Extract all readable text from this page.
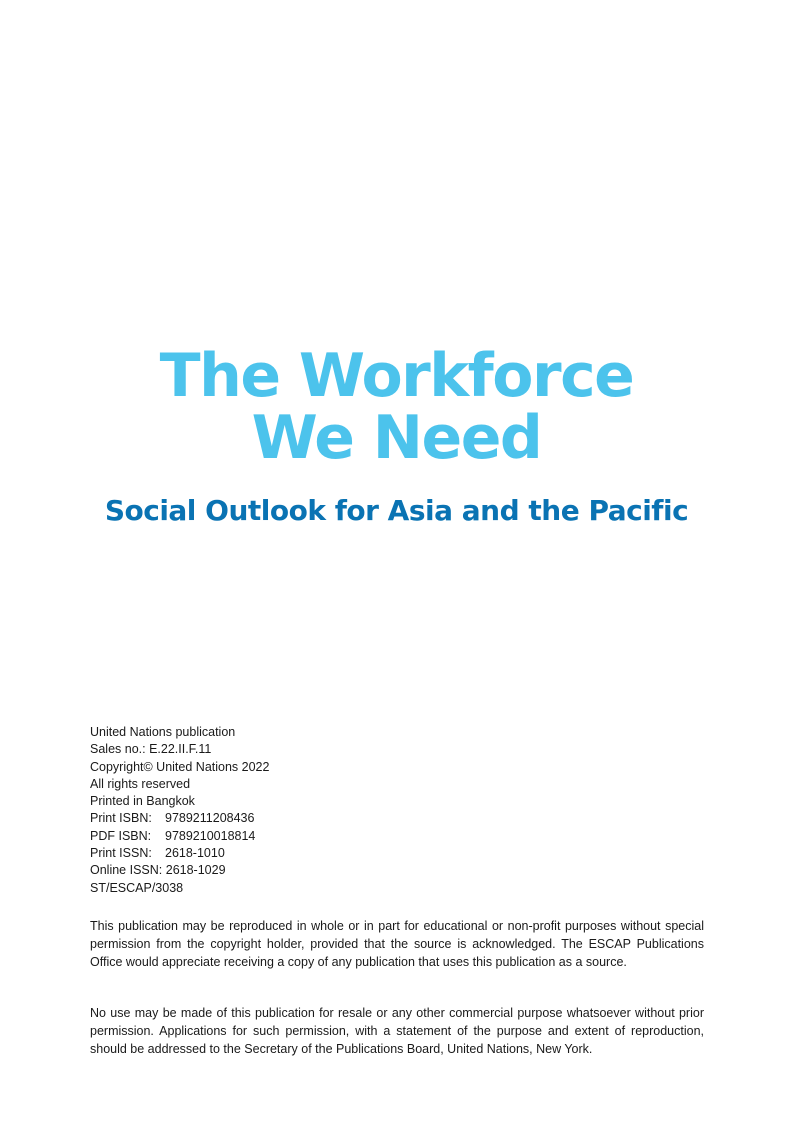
The Workforce
We Need
Social Outlook for Asia and the Pacific
United Nations publication
Sales no.: E.22.II.F.11
Copyright© United Nations 2022
All rights reserved
Printed in Bangkok
Print ISBN: 9789211208436
PDF ISBN: 9789210018814
Print ISSN: 2618-1010
Online ISSN: 2618-1029
ST/ESCAP/3038

This publication may be reproduced in whole or in part for educational or non-profit purposes without special permission from the copyright holder, provided that the source is acknowledged. The ESCAP Publications Office would appreciate receiving a copy of any publication that uses this publication as a source.

No use may be made of this publication for resale or any other commercial purpose whatsoever without prior permission. Applications for such permission, with a statement of the purpose and extent of reproduction, should be addressed to the Secretary of the Publications Board, United Nations, New York.
